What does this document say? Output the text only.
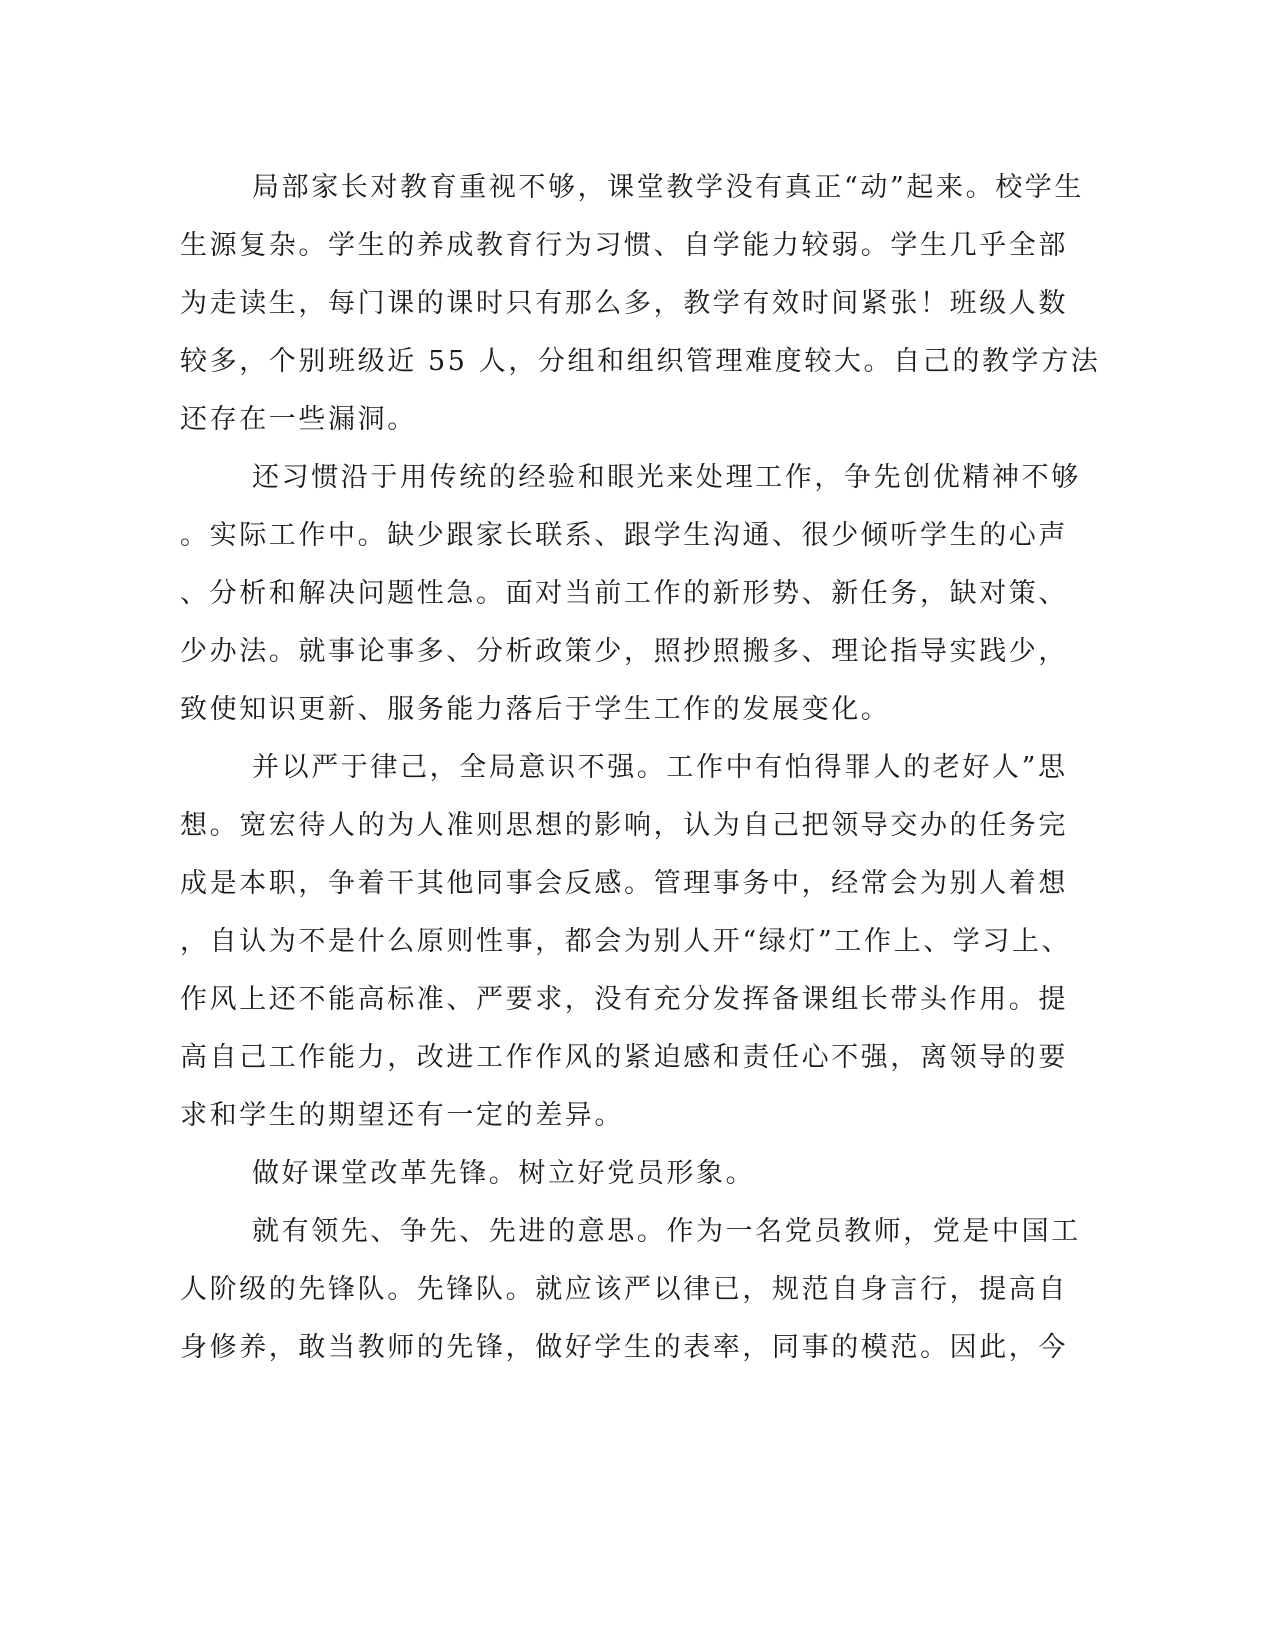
局部家长对教育重视不够，课堂教学没有真正“动”起来。校学生
生源复杂。学生的养成教育行为习惯、自学能力较弱。学生几乎全部
为走读生，每门课的课时只有那么多，教学有效时间紧张！班级人数
较多，个别班级近 55 人，分组和组织管理难度较大。自己的教学方法
还存在一些漏洞。
还习惯沿于用传统的经验和眼光来处理工作，争先创优精神不够
。实际工作中。缺少跟家长联系、跟学生沟通、很少倾听学生的心声
、分析和解决问题性急。面对当前工作的新形势、新任务，缺对策、
少办法。就事论事多、分析政策少，照抄照搬多、理论指导实践少，
致使知识更新、服务能力落后于学生工作的发展变化。
并以严于律己，全局意识不强。工作中有怕得罪人的老好人”思
想。宽宏待人的为人准则思想的影响，认为自己把领导交办的任务完
成是本职，争着干其他同事会反感。管理事务中，经常会为别人着想
，自认为不是什么原则性事，都会为别人开“绿灯”工作上、学习上、
作风上还不能高标准、严要求，没有充分发挥备课组长带头作用。提
高自己工作能力，改进工作作风的紧迫感和责任心不强，离领导的要
求和学生的期望还有一定的差异。
做好课堂改革先锋。树立好党员形象。
就有领先、争先、先进的意思。作为一名党员教师，党是中国工
人阶级的先锋队。先锋队。就应该严以律已，规范自身言行，提高自
身修养，敢当教师的先锋，做好学生的表率，同事的模范。因此，今
